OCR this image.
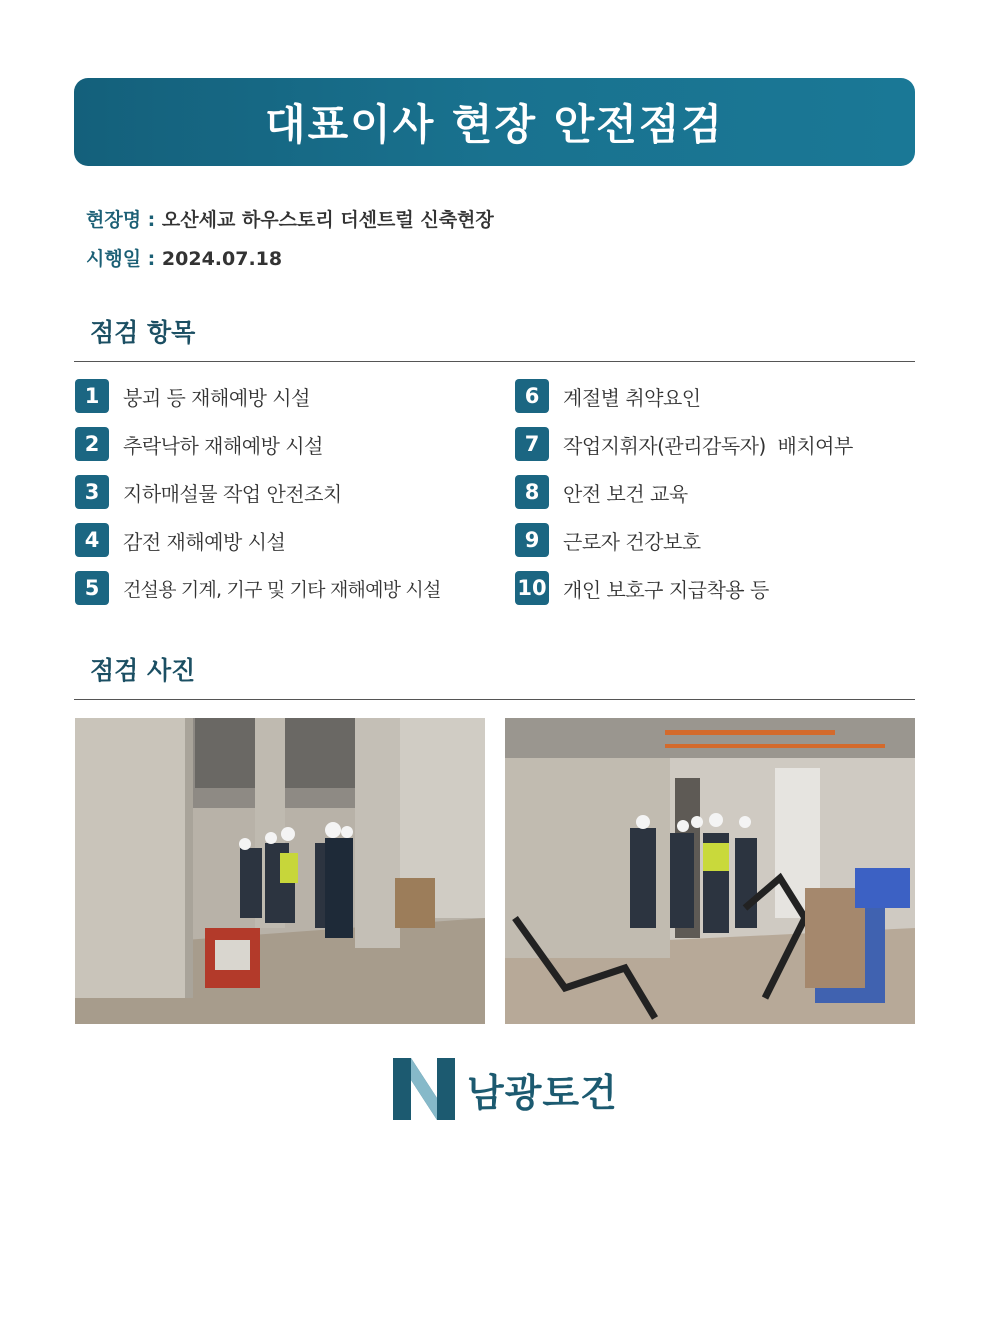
대표이사 현장 안전점검
현장명 : 오산세교 하우스토리 더센트럴 신축현장
시행일 : 2024.07.18
점검 항목
1	붕괴 등 재해예방 시설
2	추락낙하 재해예방 시설
3	지하매설물 작업 안전조치
4	감전 재해예방 시설
5	건설용 기계, 기구 및 기타 재해예방 시설
6	계절별 취약요인
7	작업지휘자(관리감독자)  배치여부
8	안전 보건 교육
9	근로자 건강보호
10 개인 보호구 지급착용 등
점검 사진
남광토건
